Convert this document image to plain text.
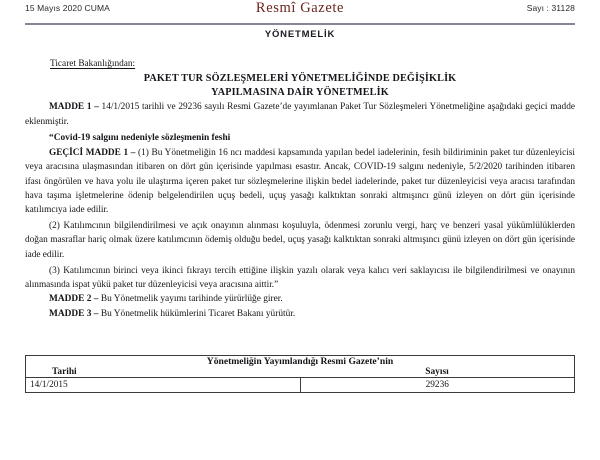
15 Mayıs 2020 CUMA	Resmî Gazete	Sayı : 31128
YÖNETMELİK
Ticaret Bakanlığından:
PAKET TUR SÖZLEŞMELERİ YÖNETMELİĞİNDE DEĞİŞİKLİK
YAPILMASINA DAİR YÖNETMELİK

MADDE 1 – 14/1/2015 tarihli ve 29236 sayılı Resmi Gazete’de yayımlanan Paket Tur Sözleşmeleri Yönetmeliğine aşağıdaki geçici madde eklenmiştir.

“Covid-19 salgını nedeniyle sözleşmenin feshi

GEÇİCİ MADDE 1 – (1) Bu Yönetmeliğin 16 ncı maddesi kapsamında yapılan bedel iadelerinin, fesih bildiriminin paket tur düzenleyicisi veya aracısına ulaşmasından itibaren on dört gün içerisinde yapılması esastır. Ancak, COVID-19 salgını nedeniyle, 5/2/2020 tarihinden itibaren ifası öngörülen ve hava yolu ile ulaştırma içeren paket tur sözleşmelerine ilişkin bedel iadelerinde, paket tur düzenleyicisi veya aracısı tarafından hava taşıma işletmelerine ödenip belgelendirilen uçuş bedeli, uçuş yasağı kalktıktan sonraki altmışıncı günü izleyen on dört gün içerisinde katılımcıya iade edilir.

(2) Katılımcının bilgilendirilmesi ve açık onayının alınması koşuluyla, ödenmesi zorunlu vergi, harç ve benzeri yasal yükümlülüklerden doğan masraflar hariç olmak üzere katılımcının ödemiş olduğu bedel, uçuş yasağı kalktıktan sonraki altmışıncı günü izleyen on dört gün içerisinde iade edilir.

(3) Katılımcının birinci veya ikinci fıkrayı tercih ettiğine ilişkin yazılı olarak veya kalıcı veri saklayıcısı ile bilgilendirilmesi ve onayının alınmasında ispat yükü paket tur düzenleyicisi veya aracısına aittir.”

MADDE 2 – Bu Yönetmelik yayımı tarihinde yürürlüğe girer.

MADDE 3 – Bu Yönetmelik hükümlerini Ticaret Bakanı yürütür.

Yönetmeliğin Yayımlandığı Resmi Gazete’nin	
Tarihi	Sayısı
14/1/2015	29236
